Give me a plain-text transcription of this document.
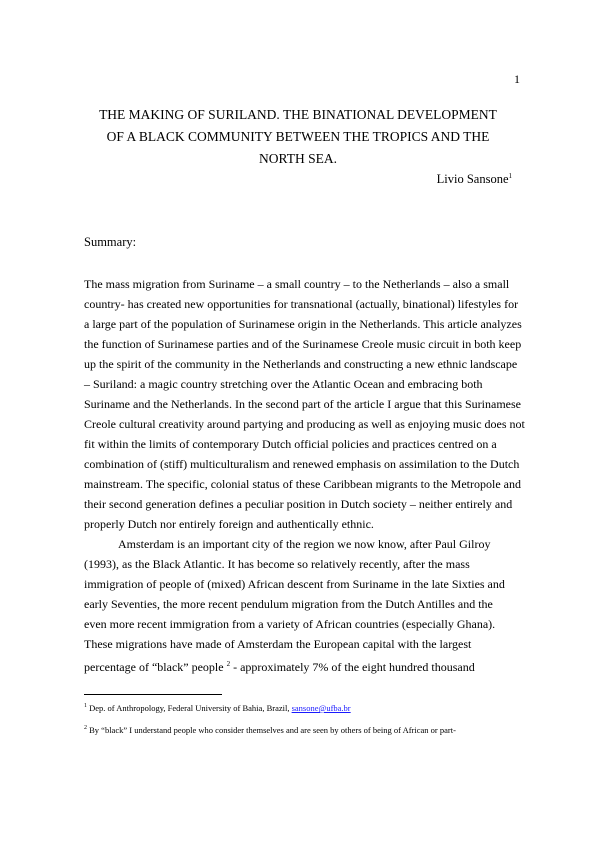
1
THE MAKING OF SURILAND. THE BINATIONAL DEVELOPMENT
OF A BLACK COMMUNITY BETWEEN THE TROPICS AND THE
NORTH SEA.
Livio Sansone$^1$
Summary:
The mass migration from Suriname – a small country – to the Netherlands – also a small
country- has created new opportunities for transnational (actually, binational) lifestyles for
a large part of the population of Surinamese origin in the Netherlands. This article analyzes
the function of Surinamese parties and of the Surinamese Creole music circuit in both keep
up the spirit of the community in the Netherlands and constructing a new ethnic landscape
– Suriland: a magic country stretching over the Atlantic Ocean and embracing both
Suriname and the Netherlands. In the second part of the article I argue that this Surinamese
Creole cultural creativity around partying and producing as well as enjoying music does not
fit within the limits of contemporary Dutch official policies and practices centred on a
combination of (stiff) multiculturalism and renewed emphasis on assimilation to the Dutch
mainstream. The specific, colonial status of these Caribbean migrants to the Metropole and
their second generation defines a peculiar position in Dutch society – neither entirely and
properly Dutch nor entirely foreign and authentically ethnic.
Amsterdam is an important city of the region we now know, after Paul Gilroy
(1993), as the Black Atlantic. It has become so relatively recently, after the mass
immigration of people of (mixed) African descent from Suriname in the late Sixties and
early Seventies, the more recent pendulum migration from the Dutch Antilles and the
even more recent immigration from a variety of African countries (especially Ghana).
These migrations have made of Amsterdam the European capital with the largest
percentage of “black” people $^2$ - approximately 7% of the eight hundred thousand
$^1$ Dep. of Anthropology, Federal University of Bahia, Brazil, sansone@ufba.br
$^2$ By “black” I understand people who consider themselves and are seen by others of being of African or part-
